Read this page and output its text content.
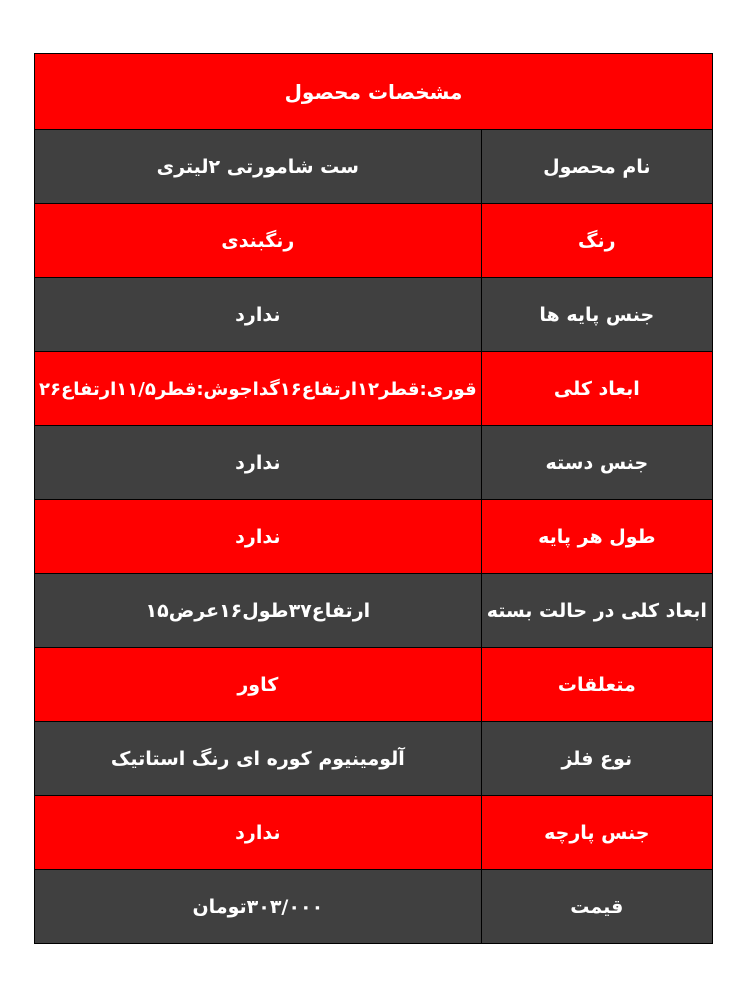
مشخصات محصول	
نام محصول	ست شامورتی ۲لیتری
رنگ	رنگبندی
جنس پایه ها	ندارد
ابعاد کلی	قوری:قطر۱۲ارتفاع۱۶گداجوش:قطر۱۱/۵ارتفاع۲۶
جنس دسته	ندارد
طول هر پایه	ندارد
ابعاد کلی در حالت بسته	ارتفاع۳۷طول۱۶عرض۱۵
متعلقات	کاور
نوع فلز	آلومینیوم کوره ای رنگ استاتیک
جنس پارچه	ندارد
قیمت	۳۰۳/۰۰۰تومان
